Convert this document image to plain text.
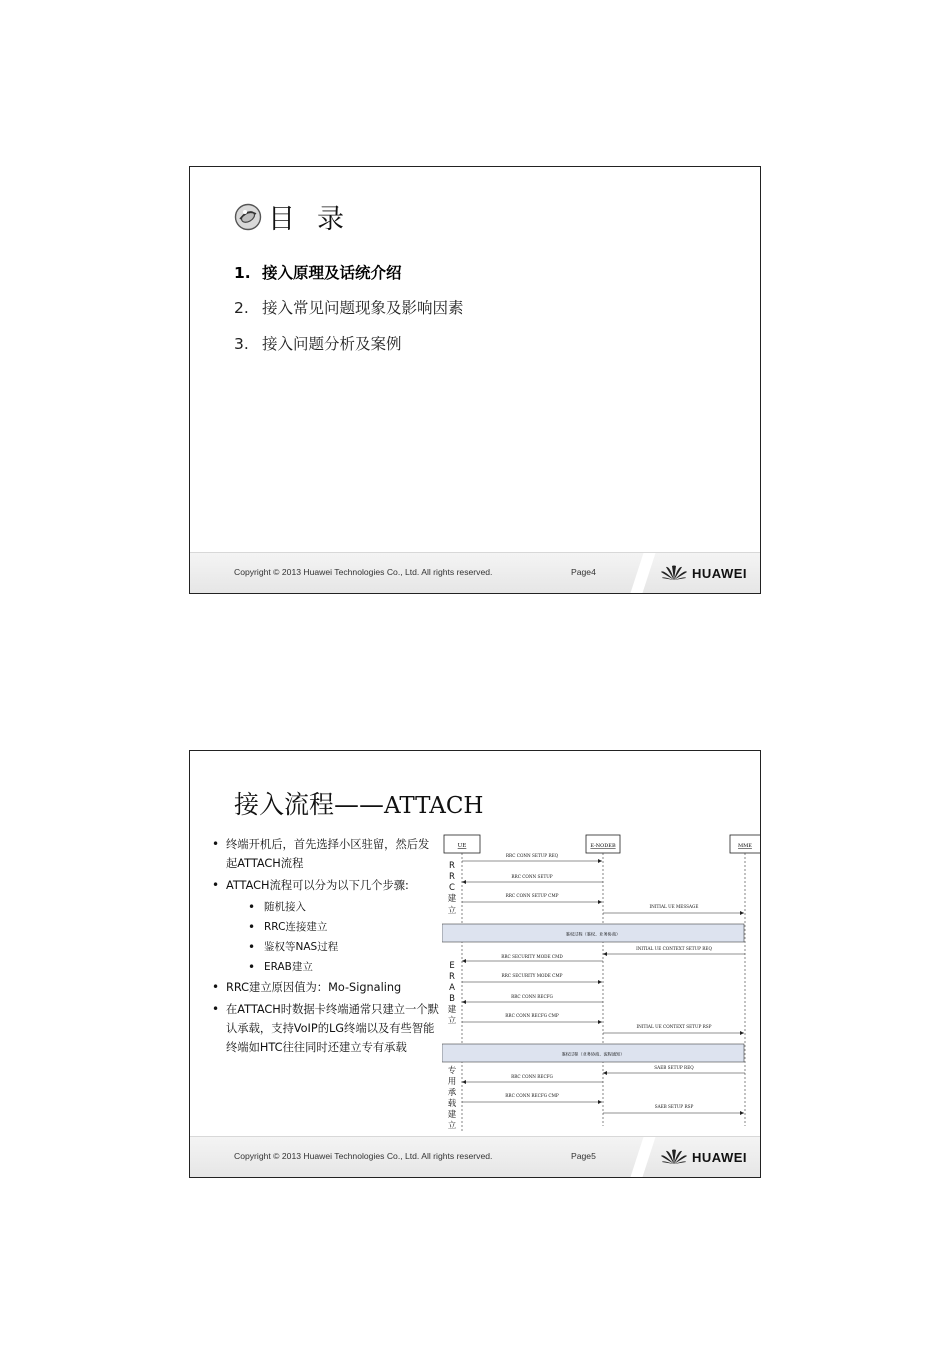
目录
1. 接入原理及话统介绍
2. 接入常见问题现象及影响因素
3. 接入问题分析及案例
Copyright © 2013 Huawei Technologies Co., Ltd. All rights reserved.	Page4	HUAWEI
接入流程——ATTACH
• 终端开机后，首先选择小区驻留，然后发起ATTACH流程
• ATTACH流程可以分为以下几个步骤:
• 随机接入
• RRC连接建立
• 鉴权等NAS过程
• ERAB建立
• RRC建立原因值为：Mo-Signaling
• 在ATTACH时数据卡终端通常只建立一个默认承载，支持VoIP的LG终端以及有些智能终端如HTC往往同时还建立专有承载
UE	E-NODEB	MME
R
R
C
建
立
E
R
A
B
建
立
专
用
承
载
建
立
鉴权过程（鉴权、业务协商）
鉴权过程（业务协商、流程通知）
RRC CONN SETUP REQ
RRC CONN SETUP
RRC CONN SETUP CMP
INITIAL UE MESSAGE
INITIAL UE CONTEXT SETUP REQ
RRC SECURITY MODE CMD
RRC SECURITY MODE CMP
RRC CONN RECFG
RRC CONN RECFG CMP
INITIAL UE CONTEXT SETUP RSP
SAEB SETUP REQ
RRC CONN RECFG
RRC CONN RECFG CMP
SAEB SETUP RSP
Copyright © 2013 Huawei Technologies Co., Ltd. All rights reserved.	Page5	HUAWEI
